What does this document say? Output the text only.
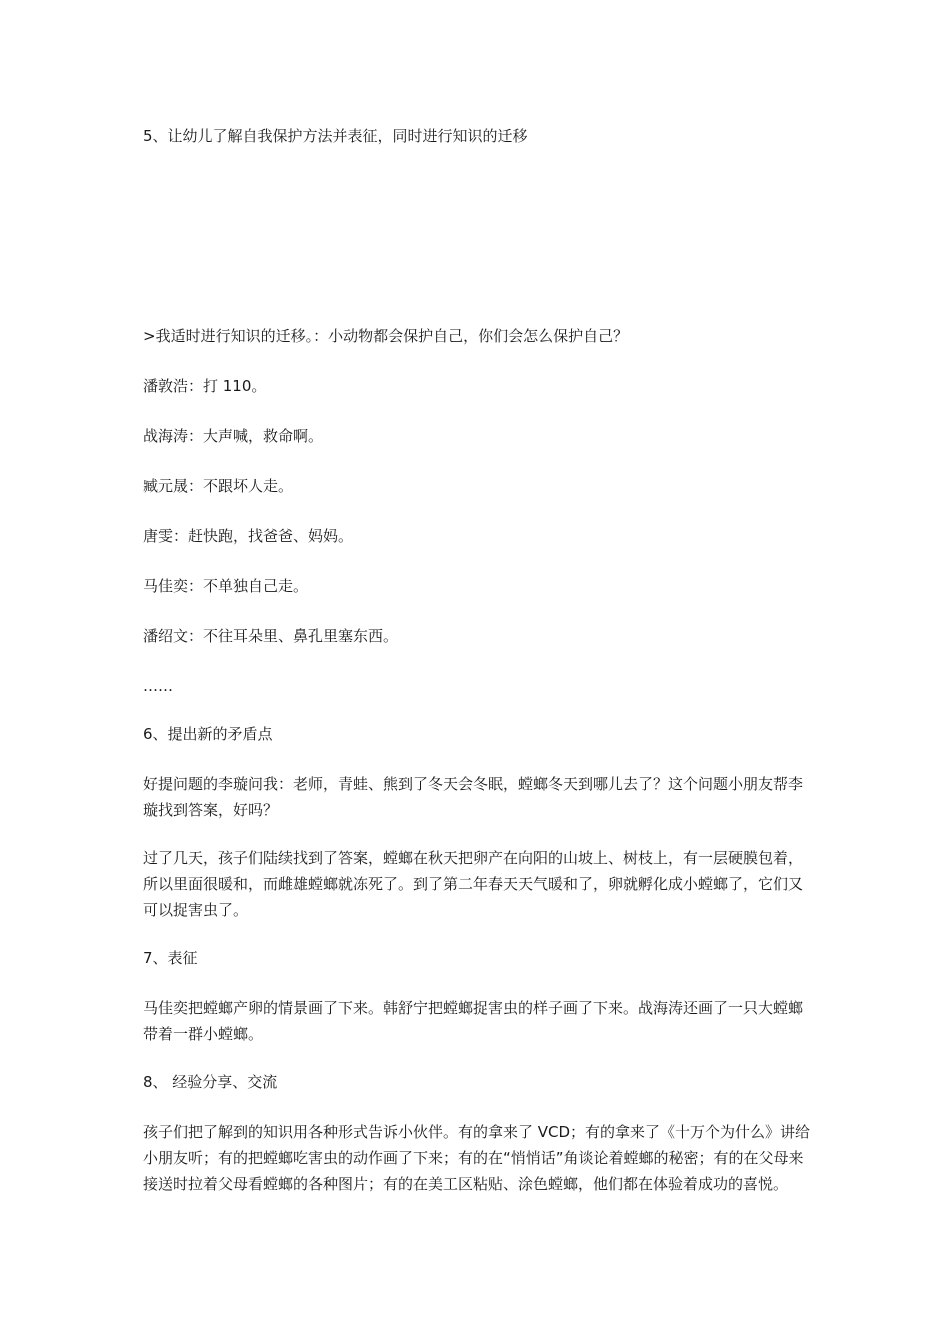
5、让幼儿了解自我保护方法并表征，同时进行知识的迁移

>我适时进行知识的迁移。：小动物都会保护自己，你们会怎么保护自己？

潘敦浩：打 110。

战海涛：大声喊，救命啊。

臧元晟：不跟坏人走。

唐雯：赶快跑，找爸爸、妈妈。

马佳奕：不单独自己走。

潘绍文：不往耳朵里、鼻孔里塞东西。

……

6、提出新的矛盾点

好提问题的李璇问我：老师，青蛙、熊到了冬天会冬眠，螳螂冬天到哪儿去了？这个问题小朋友帮李璇找到答案，好吗？

过了几天，孩子们陆续找到了答案，螳螂在秋天把卵产在向阳的山坡上、树枝上，有一层硬膜包着，所以里面很暖和，而雌雄螳螂就冻死了。到了第二年春天天气暖和了，卵就孵化成小螳螂了，它们又可以捉害虫了。

7、表征

马佳奕把螳螂产卵的情景画了下来。韩舒宁把螳螂捉害虫的样子画了下来。战海涛还画了一只大螳螂带着一群小螳螂。

8、 经验分享、交流

孩子们把了解到的知识用各种形式告诉小伙伴。有的拿来了 VCD；有的拿来了《十万个为什么》讲给小朋友听；有的把螳螂吃害虫的动作画了下来；有的在“悄悄话”角谈论着螳螂的秘密；有的在父母来接送时拉着父母看螳螂的各种图片；有的在美工区粘贴、涂色螳螂，他们都在体验着成功的喜悦。
